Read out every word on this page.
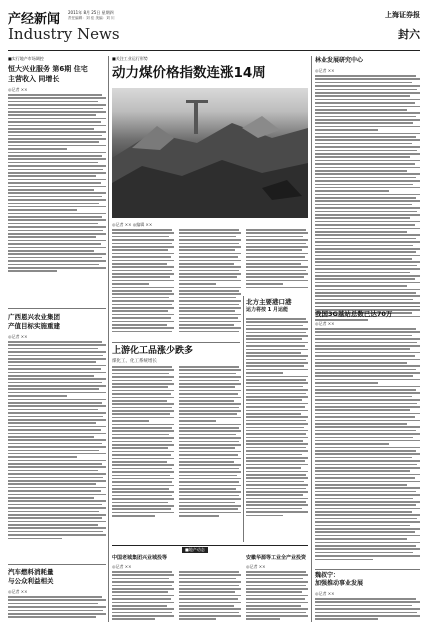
产经新闻 2011年 8月 25日 星期四
责任编辑：刘 佳 美编：刘 川
Industry News
上海证券报
封六
■实行地产市场调控
恒大兴业服务 第6期 住宅
主营收入 同增长
◎记者 ××
广西恩兴农业集团
产值目标实施重建
◎记者 ××
汽车燃料消耗量
与公众利益相关
◎记者 ××
■关注工业运行形势
动力煤价格指数连涨14周
◎记者 ×× ◎编辑 ××
上游化工品涨少跌多
煤化工、化工系统增长
北方主要港口港
运力将按 1 月运能
■地产动态
中国老城集团兴业城投等
◎记者 ××
安徽华源等工业全产业投资
◎记者 ××
林业发展研究中心
◎记者 ××
我国3G基站总数已达70万
◎记者 ××
魏叔宁：
加强推动事业发展
◎记者 ××
